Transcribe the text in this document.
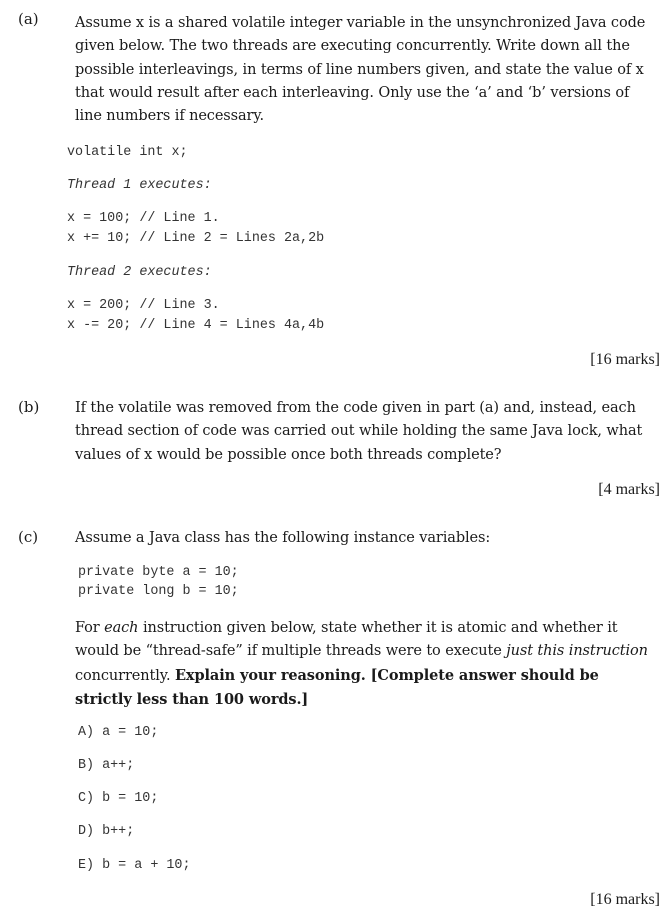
(a)	Assume x is a shared volatile integer variable in the unsynchronized Java code given below. The two threads are executing concurrently. Write down all the possible interleavings, in terms of line numbers given, and state the value of x that would result after each interleaving. Only use the ‘a’ and ‘b’ versions of line numbers if necessary.
volatile int x;
Thread 1 executes:
x = 100; // Line 1.
x += 10; // Line 2 = Lines 2a,2b
Thread 2 executes:
x = 200; // Line 3.
x -= 20; // Line 4 = Lines 4a,4b
[16 marks]
(b) If the volatile was removed from the code given in part (a) and, instead, each thread section of code was carried out while holding the same Java lock, what values of x would be possible once both threads complete?
[4 marks]
(c)	Assume a Java class has the following instance variables:
private byte a = 10;
private long b = 10;
For each instruction given below, state whether it is atomic and whether it would be “thread-safe” if multiple threads were to execute just this instruction concurrently. Explain your reasoning. [Complete answer should be strictly less than 100 words.]
A) a = 10;
B) a++;
C) b = 10;
D) b++;
E) b = a + 10;
[16 marks]
